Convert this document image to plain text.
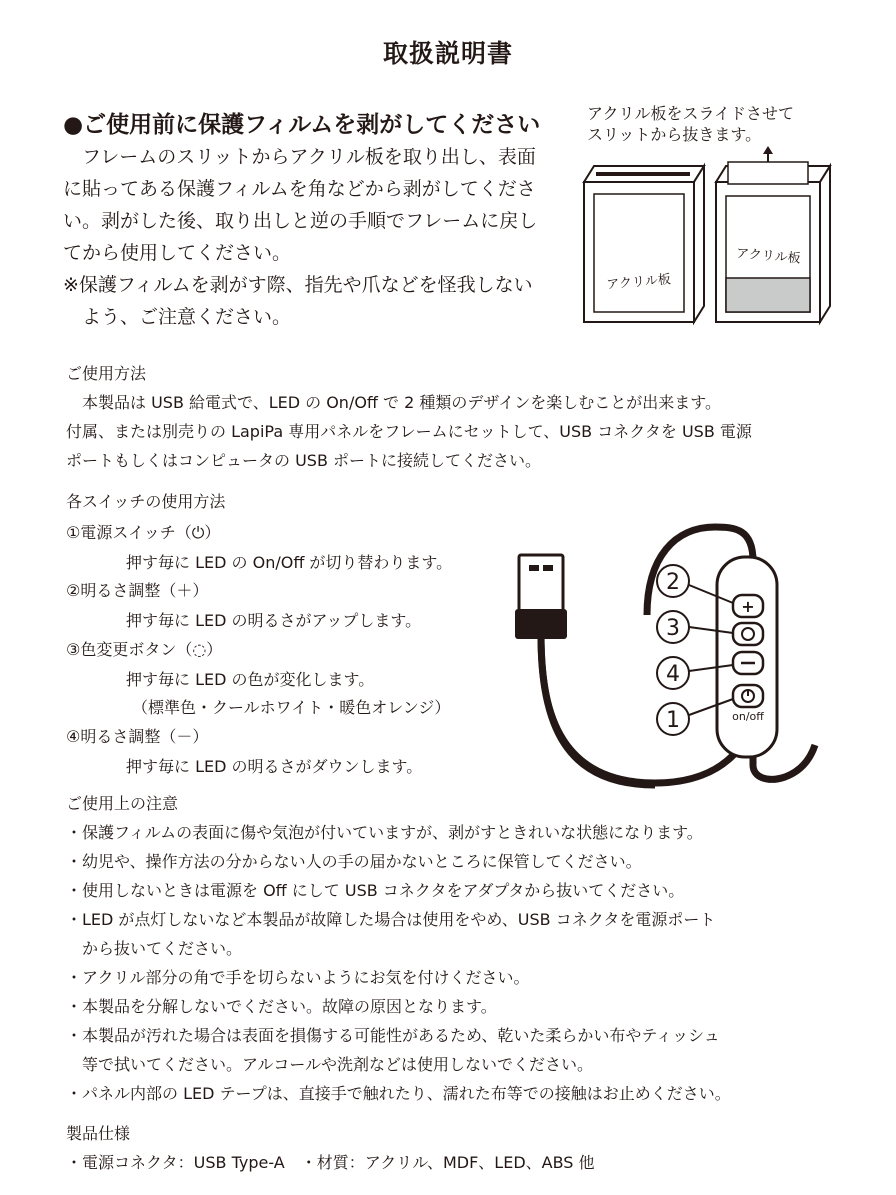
取扱説明書
●ご使用前に保護フィルムを剥がしてください
　フレームのスリットからアクリル板を取り出し、表面
に貼ってある保護フィルムを角などから剥がしてくださ
い。剥がした後、取り出しと逆の手順でフレームに戻し
てから使用してください。
※保護フィルムを剥がす際、指先や爪などを怪我しない
　よう、ご注意ください。
アクリル板をスライドさせて
スリットから抜きます。
アクリル板
アクリル板
ご使用方法
　本製品は USB 給電式で、LED の On/Off で 2 種類のデザインを楽しむことが出来ます。
付属、または別売りの LapiPa 専用パネルをフレームにセットして、USB コネクタを USB 電源
ポートもしくはコンピュータの USB ポートに接続してください。
各スイッチの使用方法
①電源スイッチ（⏻）
押す毎に LED の On/Off が切り替わります。
②明るさ調整（＋）
押す毎に LED の明るさがアップします。
③色変更ボタン（◌）
押す毎に LED の色が変化します。
（標準色・クールホワイト・暖色オレンジ）
④明るさ調整（－）
押す毎に LED の明るさがダウンします。
+
on/off
2
3
4
1
ご使用上の注意
・保護フィルムの表面に傷や気泡が付いていますが、剥がすときれいな状態になります。
・幼児や、操作方法の分からない人の手の届かないところに保管してください。
・使用しないときは電源を Off にして USB コネクタをアダプタから抜いてください。
・LED が点灯しないなど本製品が故障した場合は使用をやめ、USB コネクタを電源ポート
　から抜いてください。
・アクリル部分の角で手を切らないようにお気を付けください。
・本製品を分解しないでください。故障の原因となります。
・本製品が汚れた場合は表面を損傷する可能性があるため、乾いた柔らかい布やティッシュ
　等で拭いてください。アルコールや洗剤などは使用しないでください。
・パネル内部の LED テープは、直接手で触れたり、濡れた布等での接触はお止めください。
製品仕様
・電源コネクタ：USB Type-A　・材質：アクリル、MDF、LED、ABS 他
